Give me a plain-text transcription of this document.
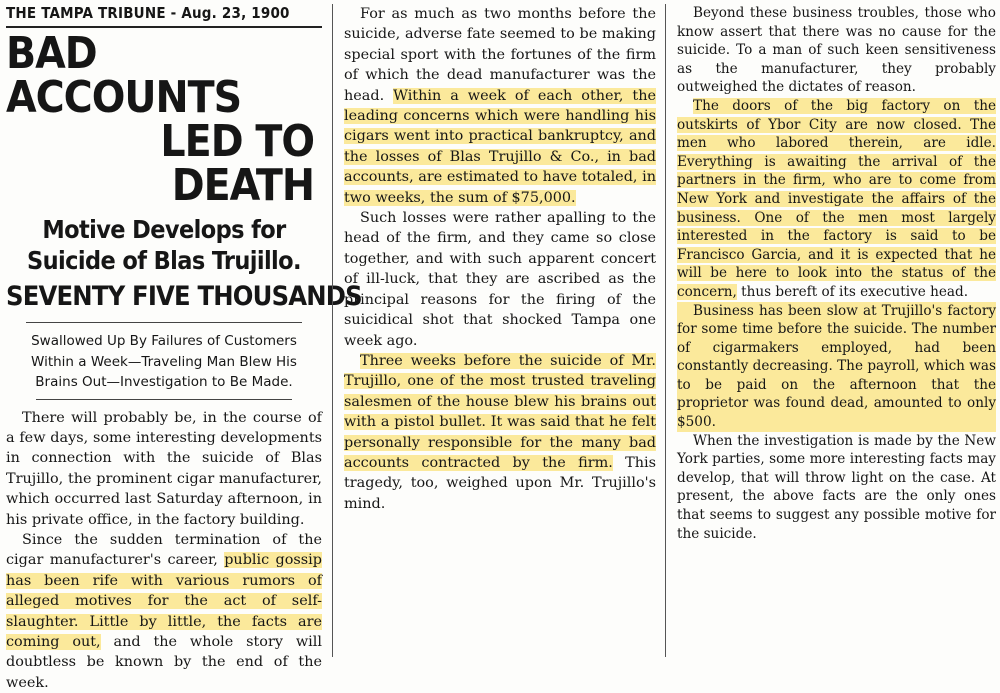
THE TAMPA TRIBUNE - Aug. 23, 1900
BAD ACCOUNTS
LED TO DEATH
Motive Develops for Suicide of Blas Trujillo.
SEVENTY FIVE THOUSANDS
Swallowed Up By Failures of Customers Within a Week—Traveling Man Blew His Brains Out—Investigation to Be Made.

There will probably be, in the course of a few days, some interesting developments in connection with the suicide of Blas Trujillo, the prominent cigar manufacturer, which occurred last Saturday afternoon, in his private office, in the factory building.

Since the sudden termination of the cigar manufacturer's career, public gossip has been rife with various rumors of alleged motives for the act of self-slaughter. Little by little, the facts are coming out, and the whole story will doubtless be known by the end of the week.

For as much as two months before the suicide, adverse fate seemed to be making special sport with the fortunes of the firm of which the dead manufacturer was the head. Within a week of each other, the leading concerns which were handling his cigars went into practical bankruptcy, and the losses of Blas Trujillo & Co., in bad accounts, are estimated to have totaled, in two weeks, the sum of $75,000.

Such losses were rather apalling to the head of the firm, and they came so close together, and with such apparent concert of ill-luck, that they are ascribed as the principal reasons for the firing of the suicidical shot that shocked Tampa one week ago.

Three weeks before the suicide of Mr. Trujillo, one of the most trusted traveling salesmen of the house blew his brains out with a pistol bullet. It was said that he felt personally responsible for the many bad accounts contracted by the firm. This tragedy, too, weighed upon Mr. Trujillo's mind.

Beyond these business troubles, those who know assert that there was no cause for the suicide. To a man of such keen sensitiveness as the manufacturer, they probably outweighed the dictates of reason.

The doors of the big factory on the outskirts of Ybor City are now closed. The men who labored therein, are idle. Everything is awaiting the arrival of the partners in the firm, who are to come from New York and investigate the affairs of the business. One of the men most largely interested in the factory is said to be Francisco Garcia, and it is expected that he will be here to look into the status of the concern, thus bereft of its executive head.

Business has been slow at Trujillo's factory for some time before the suicide. The number of cigarmakers employed, had been constantly decreasing. The payroll, which was to be paid on the afternoon that the proprietor was found dead, amounted to only $500.

When the investigation is made by the New York parties, some more interesting facts may develop, that will throw light on the case. At present, the above facts are the only ones that seems to suggest any possible motive for the suicide.
